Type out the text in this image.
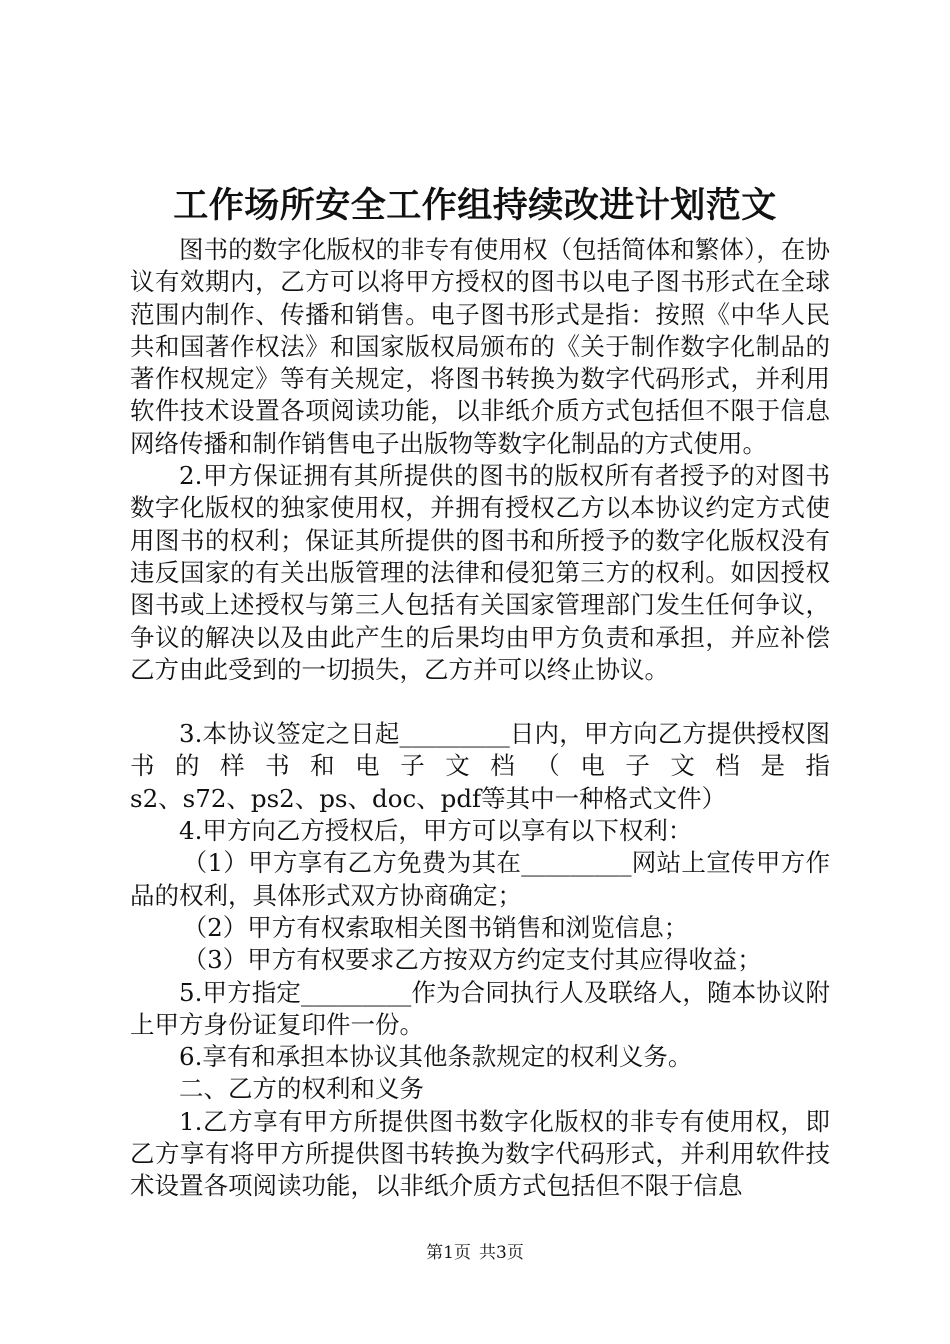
工作场所安全工作组持续改进计划范文

图书的数字化版权的非专有使用权（包括简体和繁体），在协议有效期内，乙方可以将甲方授权的图书以电子图书形式在全球范围内制作、传播和销售。电子图书形式是指：按照《中华人民共和国著作权法》和国家版权局颁布的《关于制作数字化制品的著作权规定》等有关规定，将图书转换为数字代码形式，并利用软件技术设置各项阅读功能，以非纸介质方式包括但不限于信息网络传播和制作销售电子出版物等数字化制品的方式使用。

2.甲方保证拥有其所提供的图书的版权所有者授予的对图书数字化版权的独家使用权，并拥有授权乙方以本协议约定方式使用图书的权利；保证其所提供的图书和所授予的数字化版权没有违反国家的有关出版管理的法律和侵犯第三方的权利。如因授权图书或上述授权与第三人包括有关国家管理部门发生任何争议，争议的解决以及由此产生的后果均由甲方负责和承担，并应补偿乙方由此受到的一切损失，乙方并可以终止协议。

3.本协议签定之日起_________日内，甲方向乙方提供授权图书的样书和电子文档（电子文档是指

s2、s72、ps2、ps、doc、pdf等其中一种格式文件）

4.甲方向乙方授权后，甲方可以享有以下权利：

（1）甲方享有乙方免费为其在_________网站上宣传甲方作品的权利，具体形式双方协商确定；

（2）甲方有权索取相关图书销售和浏览信息；

（3）甲方有权要求乙方按双方约定支付其应得收益；

5.甲方指定_________作为合同执行人及联络人，随本协议附上甲方身份证复印件一份。

6.享有和承担本协议其他条款规定的权利义务。

二、乙方的权利和义务

1.乙方享有甲方所提供图书数字化版权的非专有使用权，即乙方享有将甲方所提供图书转换为数字代码形式，并利用软件技术设置各项阅读功能，以非纸介质方式包括但不限于信息

第1页 共3页
